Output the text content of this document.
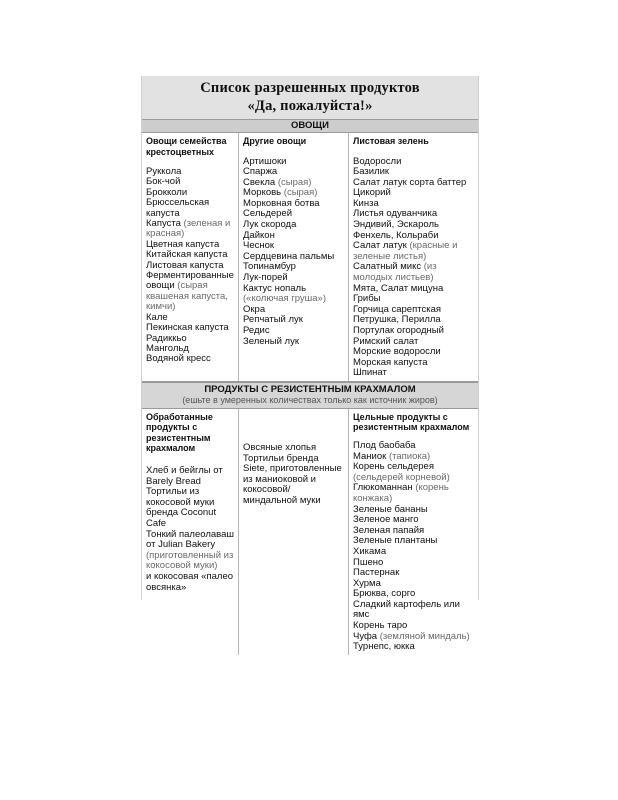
Список разрешенных продуктов
«Да, пожалуйста!»
ОВОЩИ
Овощи семейства крестоцветных
Руккола
Бок-чой
Брокколи
Брюссельская капуста
Капуста (зеленая и красная)
Цветная капуста
Китайская капуста
Листовая капуста
Ферментированные овощи (сырая квашеная капуста, кимчи)
Кале
Пекинская капуста
Радиккьо
Мангольд
Водяной кресс
Другие овощи
Артишоки
Спаржа
Свекла (сырая)
Морковь (сырая)
Морковная ботва
Сельдерей
Лук скорода
Дайкон
Чеснок
Сердцевина пальмы
Топинамбур
Лук-порей
Кактус нопаль («колючая груша»)
Окра
Репчатый лук
Редис
Зеленый лук
Листовая зелень
Водоросли
Базилик
Салат латук сорта баттер
Цикорий
Кинза
Листья одуванчика
Эндивий, Эскароль
Фенхель, Кольраби
Салат латук (красные и зеленые листья)
Салатный микс (из молодых листьев)
Мята, Салат мицуна
Грибы
Горчица сарептская
Петрушка, Перилла
Портулак огородный
Римский салат
Морские водоросли
Морская капуста
Шпинат
ПРОДУКТЫ С РЕЗИСТЕНТНЫМ КРАХМАЛОМ
(ешьте в умеренных количествах только как источник жиров)
Обработанные продукты с резистентным крахмалом
Хлеб и бейглы от Barely Bread
Тортильи из кокосовой муки бренда Coconut Cafe
Тонкий палеолаваш от Julian Bakery (приготовленный из кокосовой муки)
и кокосовая «палео овсянка»
Овсяные хлопья
Тортильи бренда Siete, приготовленные из маниоковой и кокосовой/ миндальной муки
Цельные продукты с резистентным крахмалом
Плод баобаба
Маниок (тапиока)
Корень сельдерея (сельдерей корневой)
Глюкоманнан (корень конжака)
Зеленые бананы
Зеленое манго
Зеленая папайя
Зеленые плантаны
Хикама
Пшено
Пастернак
Хурма
Брюква, сорго
Сладкий картофель или ямс
Корень таро
Чуфа (земляной миндаль)
Турнепс, юкка
